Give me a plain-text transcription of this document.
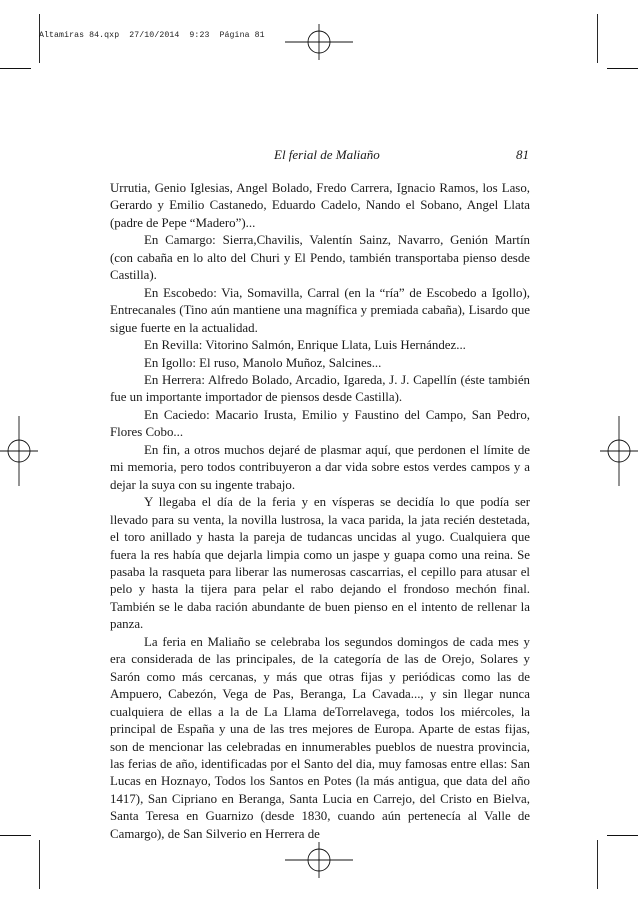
Altamiras 84.qxp 27/10/2014 9:23 Página 81
El ferial de Maliaño	81

Urrutia, Genio Iglesias, Angel Bolado, Fredo Carrera, Ignacio Ramos, los Laso, Gerardo y Emilio Castanedo, Eduardo Cadelo, Nando el Sobano, Angel Llata (padre de Pepe “Madero”)...

En Camargo: Sierra,Chavilis, Valentín Sainz, Navarro, Genión Martín (con cabaña en lo alto del Churi y El Pendo, también transportaba pienso desde Castilla).

En Escobedo: Via, Somavilla, Carral (en la “ría” de Escobedo a Igollo), Entrecanales (Tino aún mantiene una magnífica y premiada cabaña), Lisardo que sigue fuerte en la actualidad.

En Revilla: Vitorino Salmón, Enrique Llata, Luis Hernández...

En Igollo: El ruso, Manolo Muñoz, Salcines...

En Herrera: Alfredo Bolado, Arcadio, Igareda, J. J. Capellín (éste también fue un importante importador de piensos desde Castilla).

En Caciedo: Macario Irusta, Emilio y Faustino del Campo, San Pedro, Flores Cobo...

En fin, a otros muchos dejaré de plasmar aquí, que perdonen el límite de mi memoria, pero todos contribuyeron a dar vida sobre estos verdes campos y a dejar la suya con su ingente trabajo.

Y llegaba el día de la feria y en vísperas se decidía lo que podía ser llevado para su venta, la novilla lustrosa, la vaca parida, la jata recién destetada, el toro anillado y hasta la pareja de tudancas uncidas al yugo. Cualquiera que fuera la res había que dejarla limpia como un jaspe y guapa como una reina. Se pasaba la rasqueta para liberar las numerosas cascarrias, el cepillo para atusar el pelo y hasta la tijera para pelar el rabo dejando el frondoso mechón final. También se le daba ración abundante de buen pienso en el intento de rellenar la panza.

La feria en Maliaño se celebraba los segundos domingos de cada mes y era considerada de las principales, de la categoría de las de Orejo, Solares y Sarón como más cercanas, y más que otras fijas y periódicas como las de Ampuero, Cabezón, Vega de Pas, Beranga, La Cavada..., y sin llegar nunca cualquiera de ellas a la de La Llama deTorrelavega, todos los miércoles, la principal de España y una de las tres mejores de Europa. Aparte de estas fijas, son de mencionar las celebradas en innumerables pueblos de nuestra provincia, las ferias de año, identificadas por el Santo del dia, muy famosas entre ellas: San Lucas en Hoznayo, Todos los Santos en Potes (la más antigua, que data del año 1417), San Cipriano en Beranga, Santa Lucia en Carrejo, del Cristo en Bielva, Santa Teresa en Guarnizo (desde 1830, cuando aún pertenecía al Valle de Camargo), de San Silverio en Herrera de
